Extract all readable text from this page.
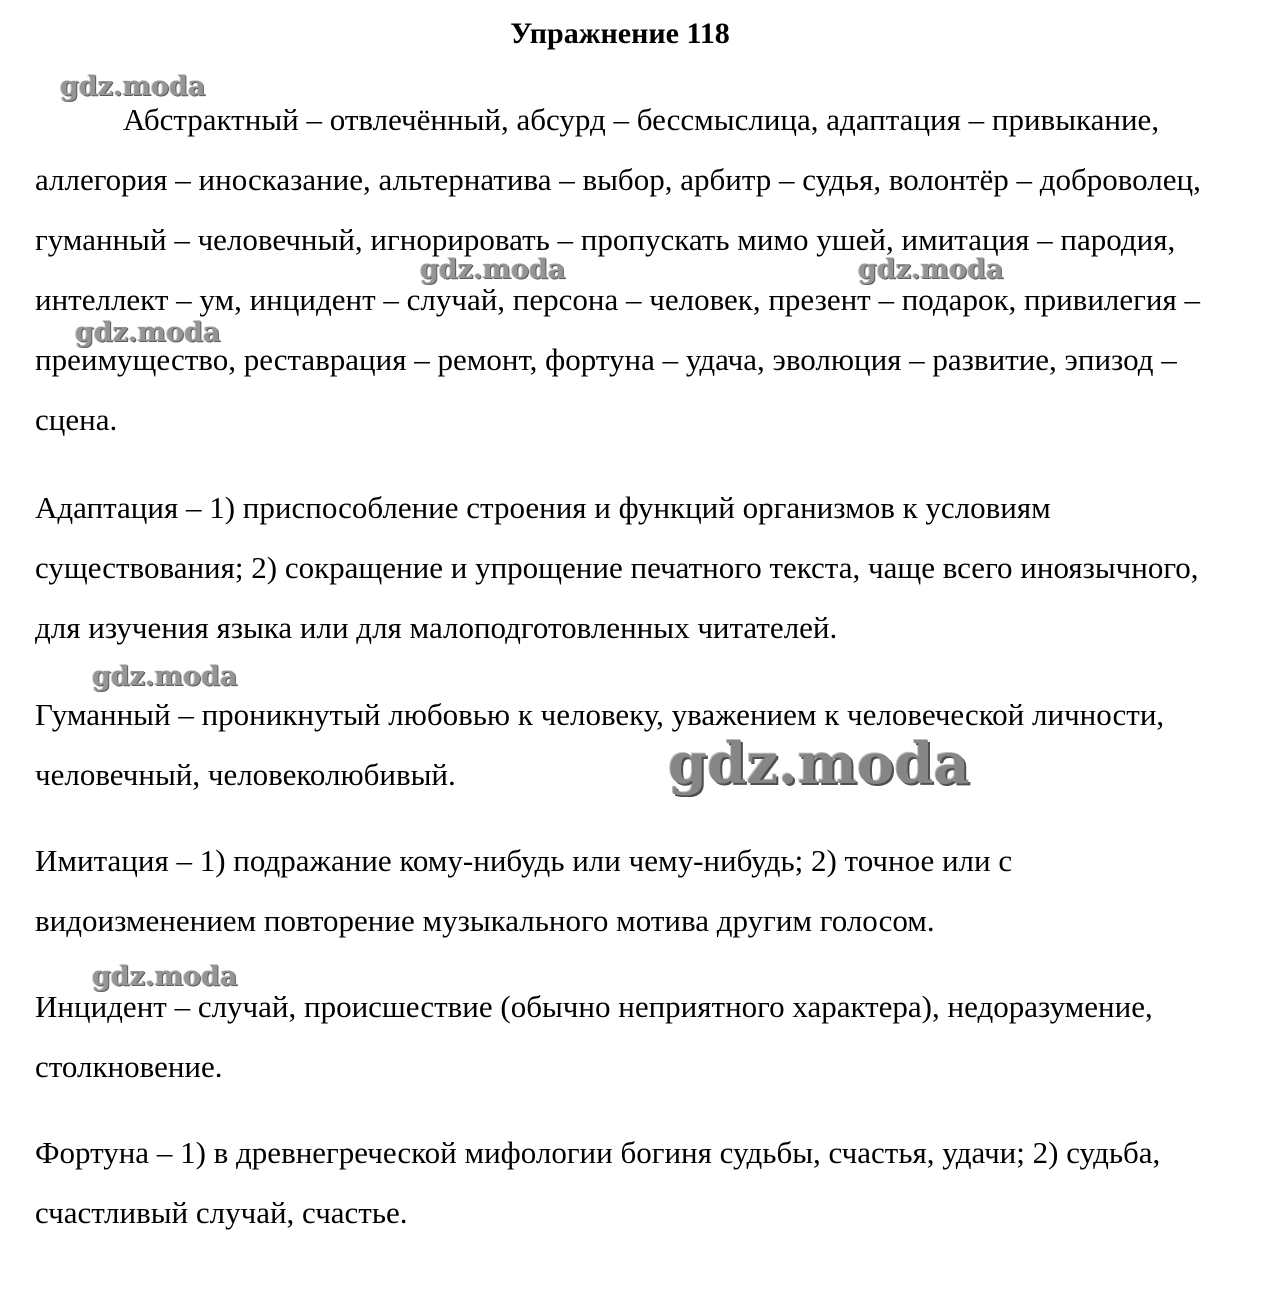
Упражнение 118

Абстрактный – отвлечённый, абсурд – бессмыслица, адаптация – привыкание, аллегория – иносказание, альтернатива – выбор, арбитр – судья, волонтёр – доброволец, гуманный – человечный, игнорировать – пропускать мимо ушей, имитация – пародия, интеллект – ум, инцидент – случай, персона – человек, презент – подарок, привилегия – преимущество, реставрация – ремонт, фортуна – удача, эволюция – развитие, эпизод – сцена.

Адаптация – 1) приспособление строения и функций организмов к условиям существования; 2) сокращение и упрощение печатного текста, чаще всего иноязычного, для изучения языка или для малоподготовленных читателей.

Гуманный – проникнутый любовью к человеку, уважением к человеческой личности, человечный, человеколюбивый.

Имитация – 1) подражание кому-нибудь или чему-нибудь; 2) точное или с видоизменением повторение музыкального мотива другим голосом.

Инцидент – случай, происшествие (обычно неприятного характера), недоразумение, столкновение.

Фортуна – 1) в древнегреческой мифологии богиня судьбы, счастья, удачи; 2) судьба, счастливый случай, счастье.

gdz.moda
gdz.moda	gdz.moda
gdz.moda
gdz.moda
gdz.moda
gdz.moda
